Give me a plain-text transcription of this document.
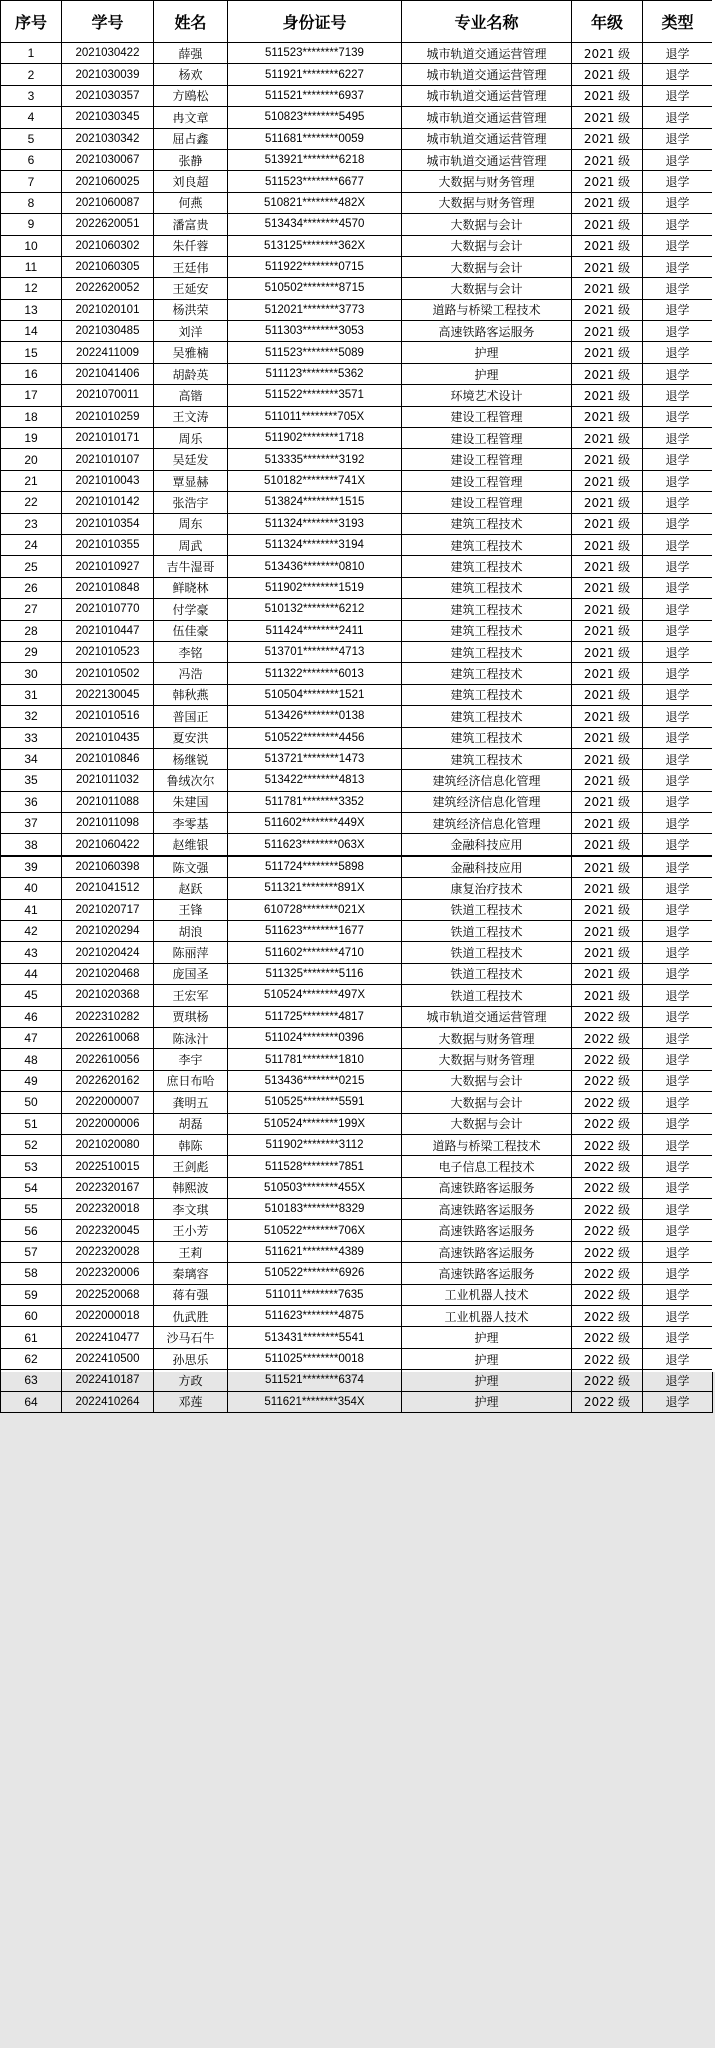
序号	学号	姓名	身份证号	专业名称	年级	类型
1	2021030422	薛强	511523********7139	城市轨道交通运营管理	2021 级	退学
2	2021030039	杨欢	511921********6227	城市轨道交通运营管理	2021 级	退学
3	2021030357	方鴎松	511521********6937	城市轨道交通运营管理	2021 级	退学
4	2021030345	冉文章	510823********5495	城市轨道交通运营管理	2021 级	退学
5	2021030342	屈占鑫	511681********0059	城市轨道交通运营管理	2021 级	退学
6	2021030067	张静	513921********6218	城市轨道交通运营管理	2021 级	退学
7	2021060025	刘良超	511523********6677	大数据与财务管理	2021 级	退学
8	2021060087	何燕	510821********482X	大数据与财务管理	2021 级	退学
9	2022620051	潘富贵	513434********4570	大数据与会计	2021 级	退学
10	2021060302	朱仟蓉	513125********362X	大数据与会计	2021 级	退学
11	2021060305	王廷伟	511922********0715	大数据与会计	2021 级	退学
12	2022620052	王延安	510502********8715	大数据与会计	2021 级	退学
13	2021020101	杨洪荣	512021********3773	道路与桥梁工程技术	2021 级	退学
14	2021030485	刘洋	511303********3053	高速铁路客运服务	2021 级	退学
15	2022411009	吴雅楠	511523********5089	护理	2021 级	退学
16	2021041406	胡龄英	511123********5362	护理	2021 级	退学
17	2021070011	高锴	511522********3571	环境艺术设计	2021 级	退学
18	2021010259	王文涛	511011********705X	建设工程管理	2021 级	退学
19	2021010171	周乐	511902********1718	建设工程管理	2021 级	退学
20	2021010107	吴廷发	513335********3192	建设工程管理	2021 级	退学
21	2021010043	覃显赫	510182********741X	建设工程管理	2021 级	退学
22	2021010142	张浩宇	513824********1515	建设工程管理	2021 级	退学
23	2021010354	周东	511324********3193	建筑工程技术	2021 级	退学
24	2021010355	周武	511324********3194	建筑工程技术	2021 级	退学
25	2021010927	吉牛湿哥	513436********0810	建筑工程技术	2021 级	退学
26	2021010848	鲜晓林	511902********1519	建筑工程技术	2021 级	退学
27	2021010770	付学豪	510132********6212	建筑工程技术	2021 级	退学
28	2021010447	伍佳豪	511424********2411	建筑工程技术	2021 级	退学
29	2021010523	李铭	513701********4713	建筑工程技术	2021 级	退学
30	2021010502	冯浩	511322********6013	建筑工程技术	2021 级	退学
31	2022130045	韩秋燕	510504********1521	建筑工程技术	2021 级	退学
32	2021010516	普国正	513426********0138	建筑工程技术	2021 级	退学
33	2021010435	夏安洪	510522********4456	建筑工程技术	2021 级	退学
34	2021010846	杨继锐	513721********1473	建筑工程技术	2021 级	退学
35	2021011032	鲁绒次尔	513422********4813	建筑经济信息化管理	2021 级	退学
36	2021011088	朱建国	511781********3352	建筑经济信息化管理	2021 级	退学
37	2021011098	李零基	511602********449X	建筑经济信息化管理	2021 级	退学
38	2021060422	赵维银	511623********063X	金融科技应用	2021 级	退学
39	2021060398	陈文强	511724********5898	金融科技应用	2021 级	退学
40	2021041512	赵跃	511321********891X	康复治疗技术	2021 级	退学
41	2021020717	王锋	610728********021X	铁道工程技术	2021 级	退学
42	2021020294	胡浪	511623********1677	铁道工程技术	2021 级	退学
43	2021020424	陈丽萍	511602********4710	铁道工程技术	2021 级	退学
44	2021020468	庞国圣	511325********5116	铁道工程技术	2021 级	退学
45	2021020368	王宏军	510524********497X	铁道工程技术	2021 级	退学
46	2022310282	贾琪杨	511725********4817	城市轨道交通运营管理	2022 级	退学
47	2022610068	陈泳汁	511024********0396	大数据与财务管理	2022 级	退学
48	2022610056	李宇	511781********1810	大数据与财务管理	2022 级	退学
49	2022620162	庶日布哈	513436********0215	大数据与会计	2022 级	退学
50	2022000007	龚明五	510525********5591	大数据与会计	2022 级	退学
51	2022000006	胡磊	510524********199X	大数据与会计	2022 级	退学
52	2021020080	韩陈	511902********3112	道路与桥梁工程技术	2022 级	退学
53	2022510015	王剑彪	511528********7851	电子信息工程技术	2022 级	退学
54	2022320167	韩熙波	510503********455X	高速铁路客运服务	2022 级	退学
55	2022320018	李文琪	510183********8329	高速铁路客运服务	2022 级	退学
56	2022320045	王小芳	510522********706X	高速铁路客运服务	2022 级	退学
57	2022320028	王莉	511621********4389	高速铁路客运服务	2022 级	退学
58	2022320006	秦璃容	510522********6926	高速铁路客运服务	2022 级	退学
59	2022520068	蒋有强	511011********7635	工业机器人技术	2022 级	退学
60	2022000018	仇武胜	511623********4875	工业机器人技术	2022 级	退学
61	2022410477	沙马石牛	513431********5541	护理	2022 级	退学
62	2022410500	孙思乐	511025********0018	护理	2022 级	退学
63	2022410187	方政	511521********6374	护理	2022 级	退学
64	2022410264	邓莲	511621********354X	护理	2022 级	退学
